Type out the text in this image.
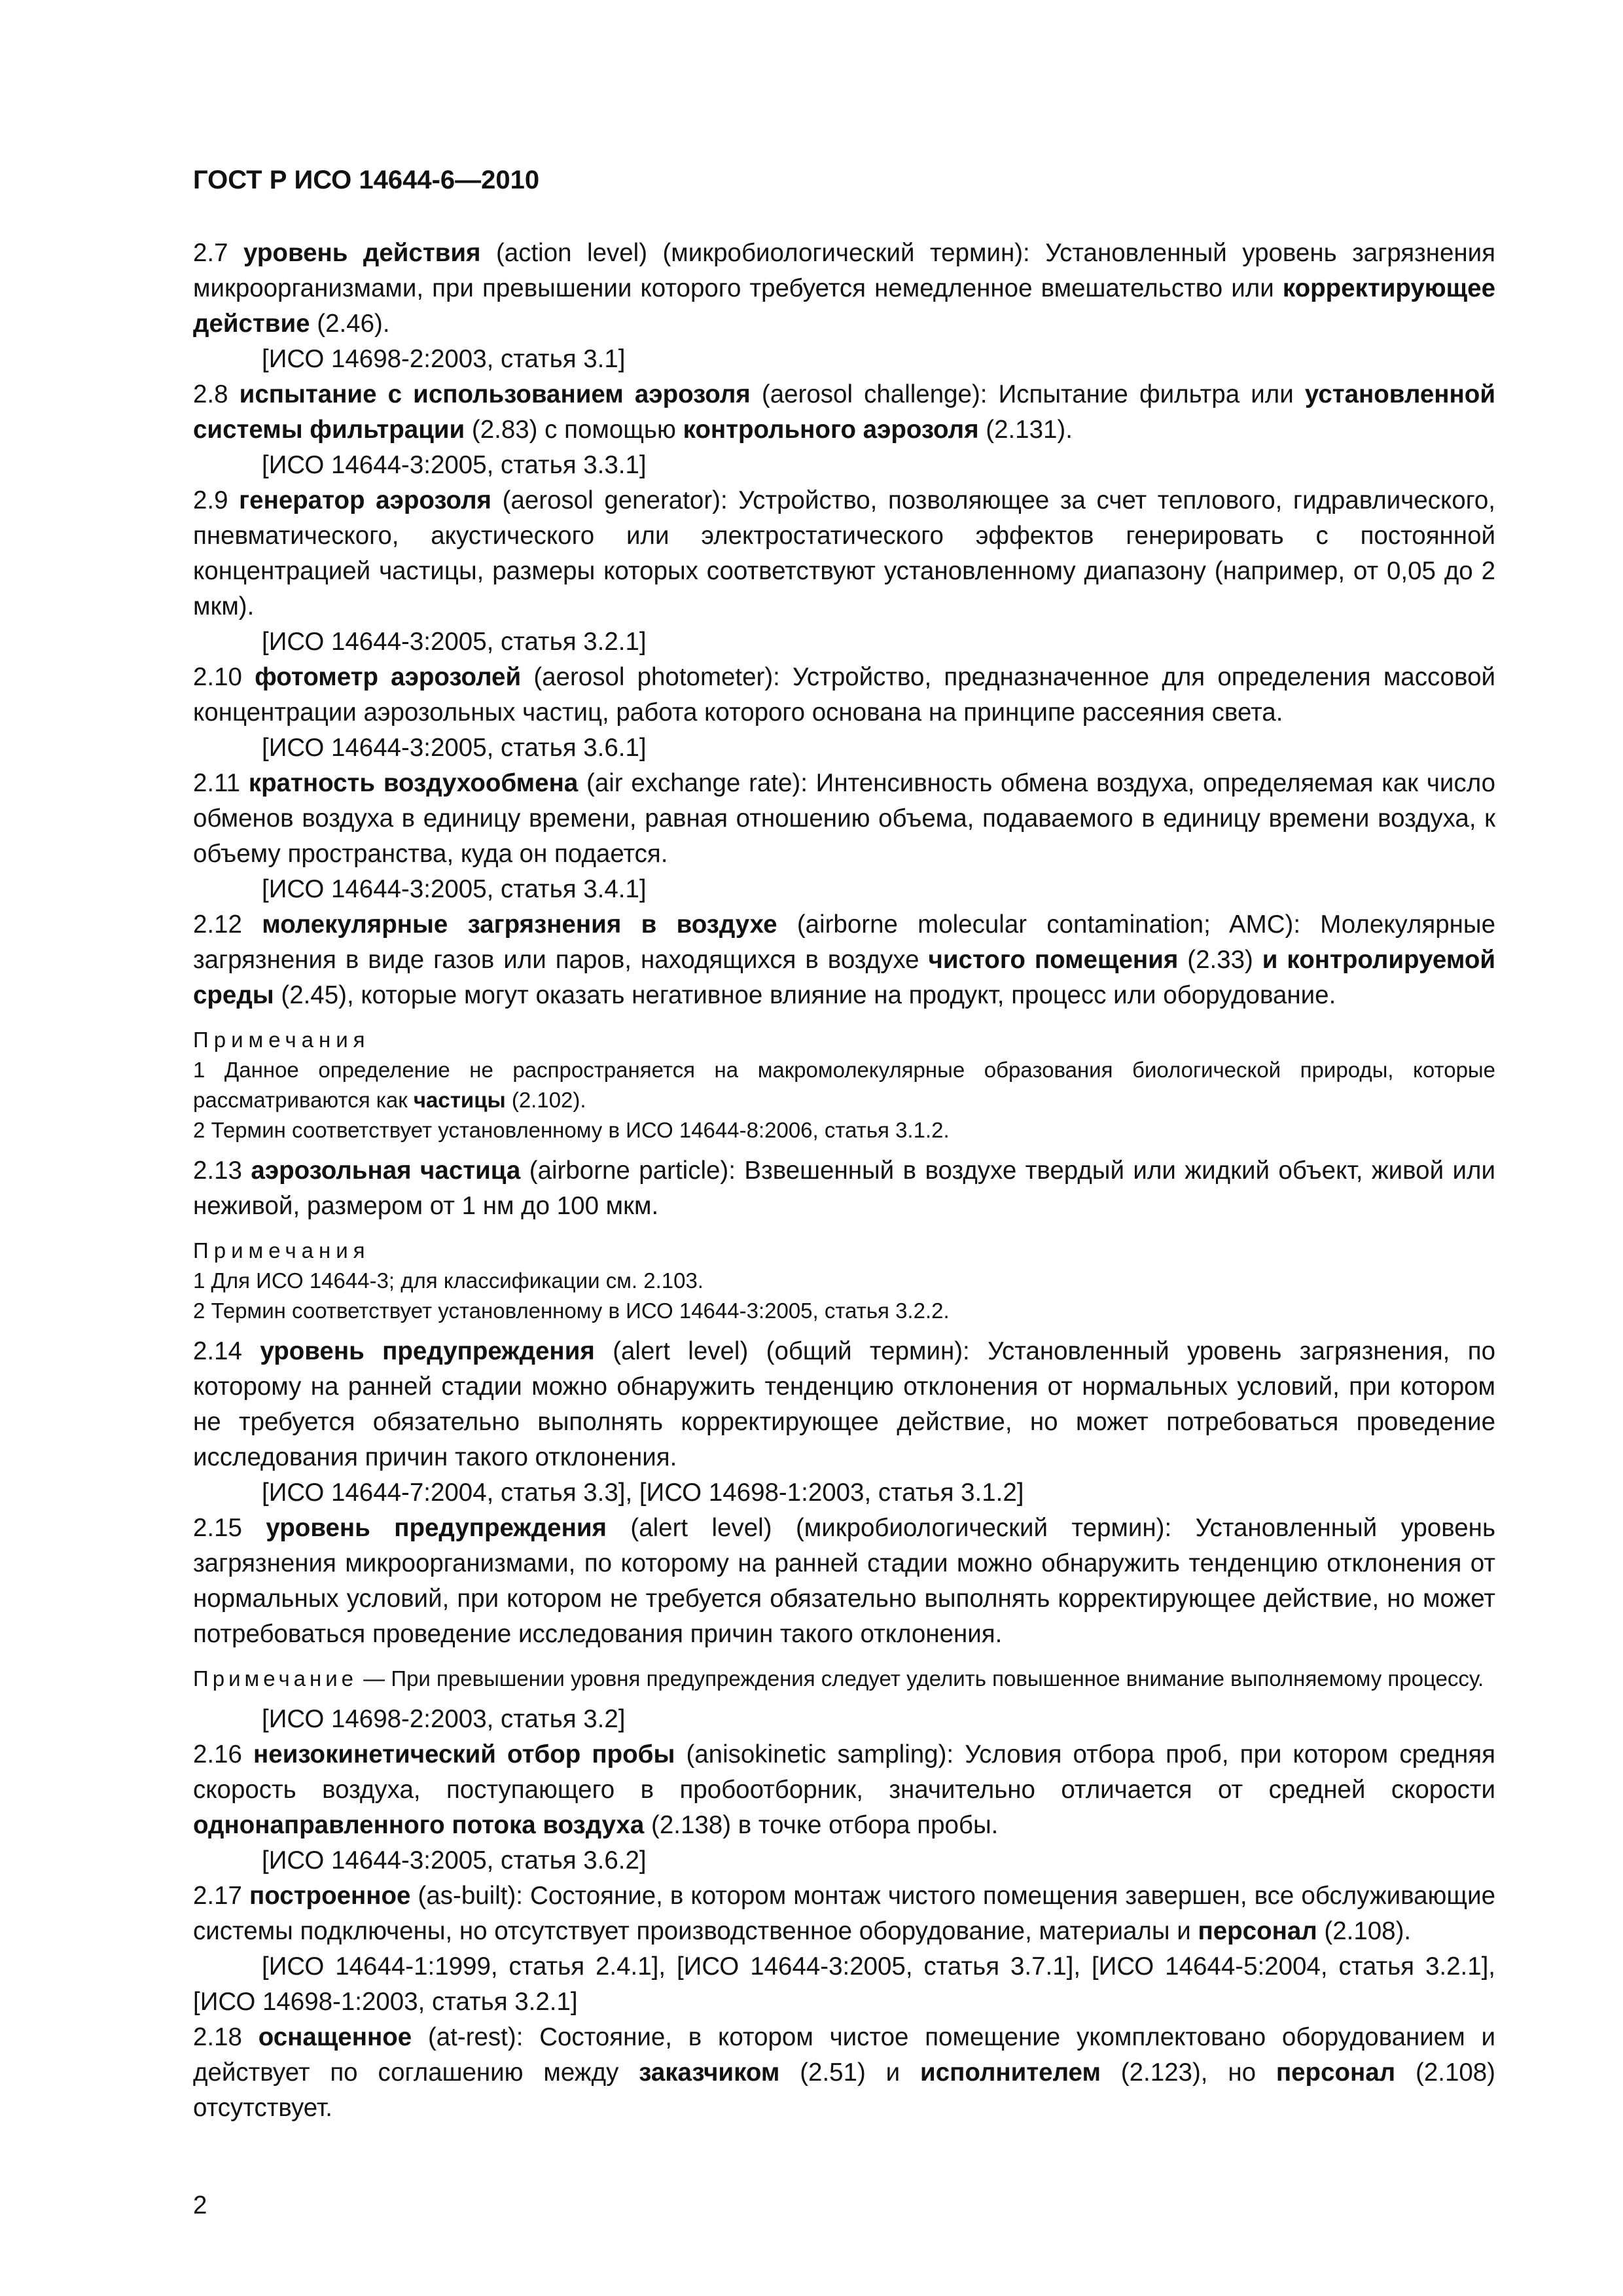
ГОСТ Р ИСО 14644-6—2010

2.7 уровень действия (action level) (микробиологический термин): Установленный уровень загрязнения микроорганизмами, при превышении которого требуется немедленное вмешательство или корректирующее действие (2.46).

[ИСО 14698-2:2003, статья 3.1]

2.8 испытание с использованием аэрозоля (aerosol challenge): Испытание фильтра или установленной системы фильтрации (2.83) с помощью контрольного аэрозоля (2.131).

[ИСО 14644-3:2005, статья 3.3.1]

2.9 генератор аэрозоля (aerosol generator): Устройство, позволяющее за счет теплового, гидравлического, пневматического, акустического или электростатического эффектов генерировать с постоянной концентрацией частицы, размеры которых соответствуют установленному диапазону (например, от 0,05 до 2 мкм).

[ИСО 14644-3:2005, статья 3.2.1]

2.10 фотометр аэрозолей (aerosol photometer): Устройство, предназначенное для определения массовой концентрации аэрозольных частиц, работа которого основана на принципе рассеяния света.

[ИСО 14644-3:2005, статья 3.6.1]

2.11 кратность воздухообмена (air exchange rate): Интенсивность обмена воздуха, определяемая как число обменов воздуха в единицу времени, равная отношению объема, подаваемого в единицу времени воздуха, к объему пространства, куда он подается.

[ИСО 14644-3:2005, статья 3.4.1]

2.12 молекулярные загрязнения в воздухе (airborne molecular contamination; AMC): Молекулярные загрязнения в виде газов или паров, находящихся в воздухе чистого помещения (2.33) и контролируемой среды (2.45), которые могут оказать негативное влияние на продукт, процесс или оборудование.

Примечания

1 Данное определение не распространяется на макромолекулярные образования биологической природы, которые рассматриваются как частицы (2.102).

2 Термин соответствует установленному в ИСО 14644-8:2006, статья 3.1.2.

2.13 аэрозольная частица (airborne particle): Взвешенный в воздухе твердый или жидкий объект, живой или неживой, размером от 1 нм до 100 мкм.

Примечания

1 Для ИСО 14644-3; для классификации см. 2.103.

2 Термин соответствует установленному в ИСО 14644-3:2005, статья 3.2.2.

2.14 уровень предупреждения (alert level) (общий термин): Установленный уровень загрязнения, по которому на ранней стадии можно обнаружить тенденцию отклонения от нормальных условий, при котором не требуется обязательно выполнять корректирующее действие, но может потребоваться проведение исследования причин такого отклонения.

[ИСО 14644-7:2004, статья 3.3], [ИСО 14698-1:2003, статья 3.1.2]

2.15 уровень предупреждения (alert level) (микробиологический термин): Установленный уровень загрязнения микроорганизмами, по которому на ранней стадии можно обнаружить тенденцию отклонения от нормальных условий, при котором не требуется обязательно выполнять корректирующее действие, но может потребоваться проведение исследования причин такого отклонения.

Примечание — При превышении уровня предупреждения следует уделить повышенное внимание выполняемому процессу.

[ИСО 14698-2:2003, статья 3.2]

2.16 неизокинетический отбор пробы (anisokinetic sampling): Условия отбора проб, при котором средняя скорость воздуха, поступающего в пробоотборник, значительно отличается от средней скорости однонаправленного потока воздуха (2.138) в точке отбора пробы.

[ИСО 14644-3:2005, статья 3.6.2]

2.17 построенное (as-built): Состояние, в котором монтаж чистого помещения завершен, все обслуживающие системы подключены, но отсутствует производственное оборудование, материалы и персонал (2.108).

[ИСО 14644-1:1999, статья 2.4.1], [ИСО 14644-3:2005, статья 3.7.1], [ИСО 14644-5:2004, статья 3.2.1], [ИСО 14698-1:2003, статья 3.2.1]

2.18 оснащенное (at-rest): Состояние, в котором чистое помещение укомплектовано оборудованием и действует по соглашению между заказчиком (2.51) и исполнителем (2.123), но персонал (2.108) отсутствует.

2
